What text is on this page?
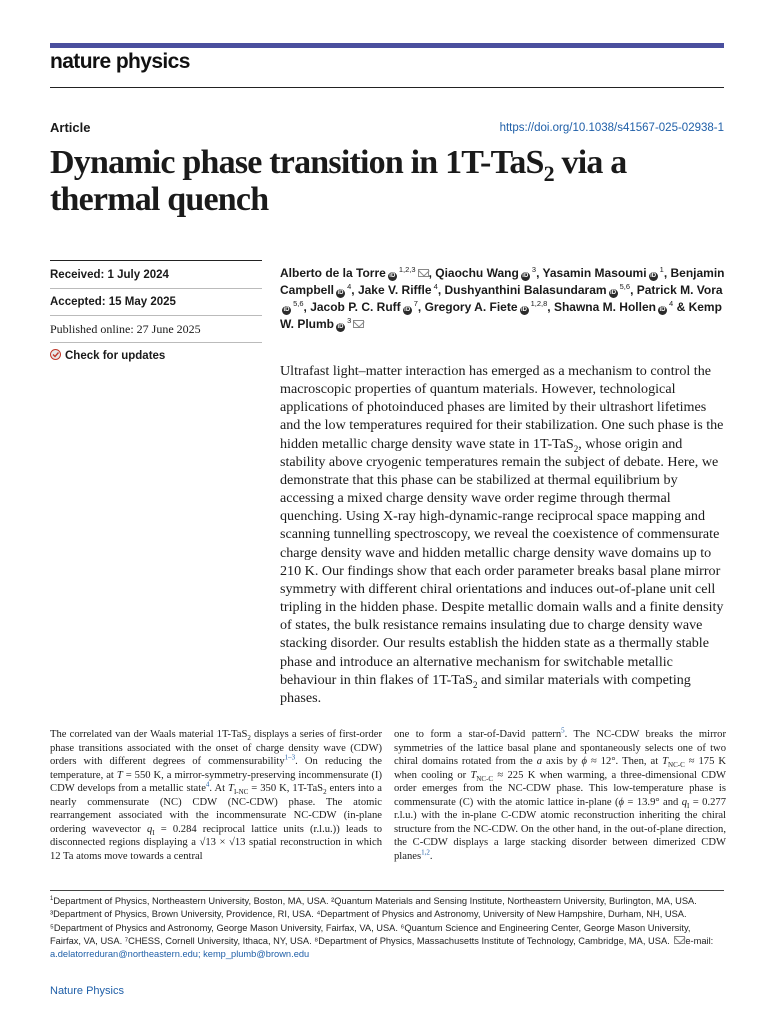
nature physics
Article	https://doi.org/10.1038/s41567-025-02938-1
Dynamic phase transition in 1T-TaS$_2$ via a thermal quench
Received: 1 July 2024
Accepted: 15 May 2025
Published online: 27 June 2025
Check for updates
Alberto de la Torre iD $^{1,2,3}$ , Qiaochu Wang iD $^3$, Yasamin Masoumi iD $^1$, Benjamin Campbell iD $^4$, Jake V. Riffle $^4$, Dushyanthini Balasundaram iD $^{5,6}$, Patrick M. VoraiD $^{5,6}$, Jacob P. C. Ruff iD $^7$, Gregory A. Fiete iD $^{1,2,8}$, Shawna M. Hollen iD $^4$ & Kemp W. Plumb iD $^3$

Ultrafast light–matter interaction has emerged as a mechanism to control the macroscopic properties of quantum materials. However, technological applications of photoinduced phases are limited by their ultrashort lifetimes and the low temperatures required for their stabilization. One such phase is the hidden metallic charge density wave state in 1T-TaS$_2$, whose origin and stability above cryogenic temperatures remain the subject of debate. Here, we demonstrate that this phase can be stabilized at thermal equilibrium by accessing a mixed charge density wave order regime through thermal quenching. Using X-ray high-dynamic-range reciprocal space mapping and scanning tunnelling spectroscopy, we reveal the coexistence of commensurate charge density wave and hidden metallic charge density wave domains up to 210 K. Our findings show that each order parameter breaks basal plane mirror symmetry with different chiral orientations and induces out-of-plane unit cell tripling in the hidden phase. Despite metallic domain walls and a finite density of states, the bulk resistance remains insulating due to charge density wave stacking disorder. Our results establish the hidden state as a thermally stable phase and introduce an alternative mechanism for switchable metallic behaviour in thin flakes of 1T-TaS$_2$ and similar materials with competing phases.

The correlated van der Waals material 1T-TaS$_2$ displays a series of first-order phase transitions associated with the onset of charge density wave (CDW) orders with different degrees of commensurability$^{1-3}$. On reducing the temperature, at T = 550 K, a mirror-symmetry-preserving incommensurate (I) CDW develops from a metallic state$^4$. At $T_{I-NC} = 350$ K, 1T-TaS$_2$ enters into a nearly commensurate (NC) CDW (NC-CDW) phase. The atomic rearrangement associated with the incommensurate NC-CDW (in-plane ordering wavevector $q_I = 0.284$ reciprocal lattice units (r.l.u.)) leads to disconnected regions displaying a √13 × √13 spatial reconstruction in which 12 Ta atoms move towards a central

one to form a star-of-David pattern$^5$. The NC-CDW breaks the mirror symmetries of the lattice basal plane and spontaneously selects one of two chiral domains rotated from the a axis by ϕ ≈ 12°. Then, at $T_{NC-C} \approx 175$ K when cooling or $T_{NC-C} \approx 225$ K when warming, a three-dimensional CDW order emerges from the NC-CDW phase. This low-temperature phase is commensurate (C) with the atomic lattice in-plane (ϕ = 13.9° and $q_I = 0.277$ r.l.u.) with the in-plane C-CDW atomic reconstruction inheriting the chiral structure from the NC-CDW. On the other hand, in the out-of-plane direction, the C-CDW displays a large stacking disorder between dimerized CDW planes$^{1,2}$.

$^1$Department of Physics, Northeastern University, Boston, MA, USA. ²Quantum Materials and Sensing Institute, Northeastern University, Burlington, MA, USA. ³Department of Physics, Brown University, Providence, RI, USA. ⁴Department of Physics and Astronomy, University of New Hampshire, Durham, NH, USA. ⁵Department of Physics and Astronomy, George Mason University, Fairfax, VA, USA. ⁶Quantum Science and Engineering Center, George Mason University, Fairfax, VA, USA. ⁷CHESS, Cornell University, Ithaca, NY, USA. ⁸Department of Physics, Massachusetts Institute of Technology, Cambridge, MA, USA. e-mail: a.delatorreduran@northeastern.edu; kemp_plumb@brown.edu

Nature Physics
